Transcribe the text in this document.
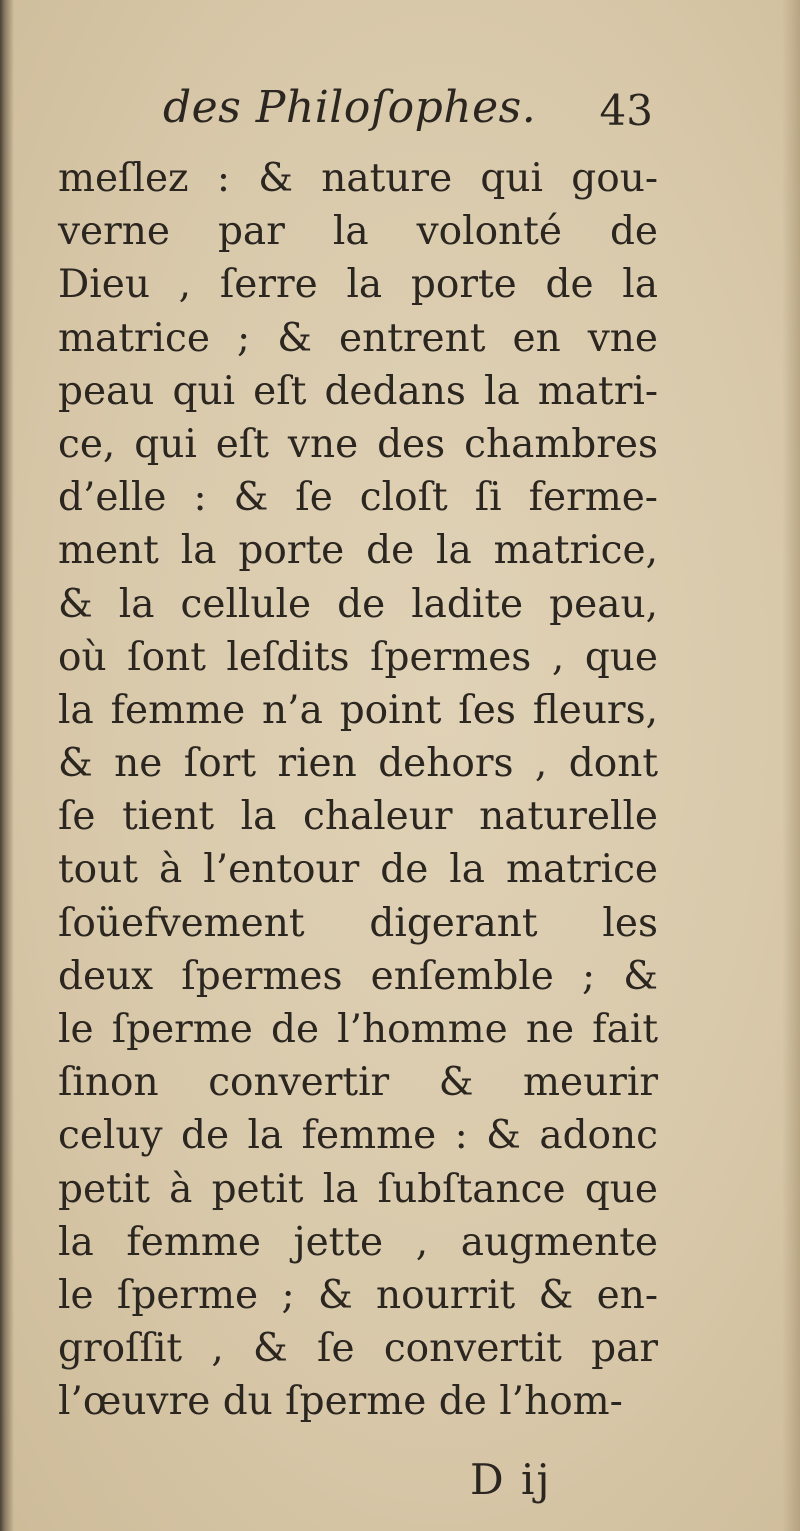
des Philoſophes. 43
meſlez : & nature qui gou-
verne par la volonté de
Dieu , ſerre la porte de la
matrice ; & entrent en vne
peau qui eſt dedans la matri-
ce, qui eſt vne des chambres
d’elle : & ſe cloſt ſi ferme-
ment la porte de la matrice,
& la cellule de ladite peau,
où ſont leſdits ſpermes , que
la femme n’a point ſes fleurs,
& ne ſort rien dehors , dont
ſe tient la chaleur naturelle
tout à l’entour de la matrice
ſoüefvement digerant les
deux ſpermes enſemble ; &
le ſperme de l’homme ne fait
ſinon convertir & meurir
celuy de la femme : & adonc
petit à petit la ſubſtance que
la femme jette , augmente
le ſperme ; & nourrit & en-
groſſit , & ſe convertit par
l’œuvre du ſperme de l’hom-
D ij
